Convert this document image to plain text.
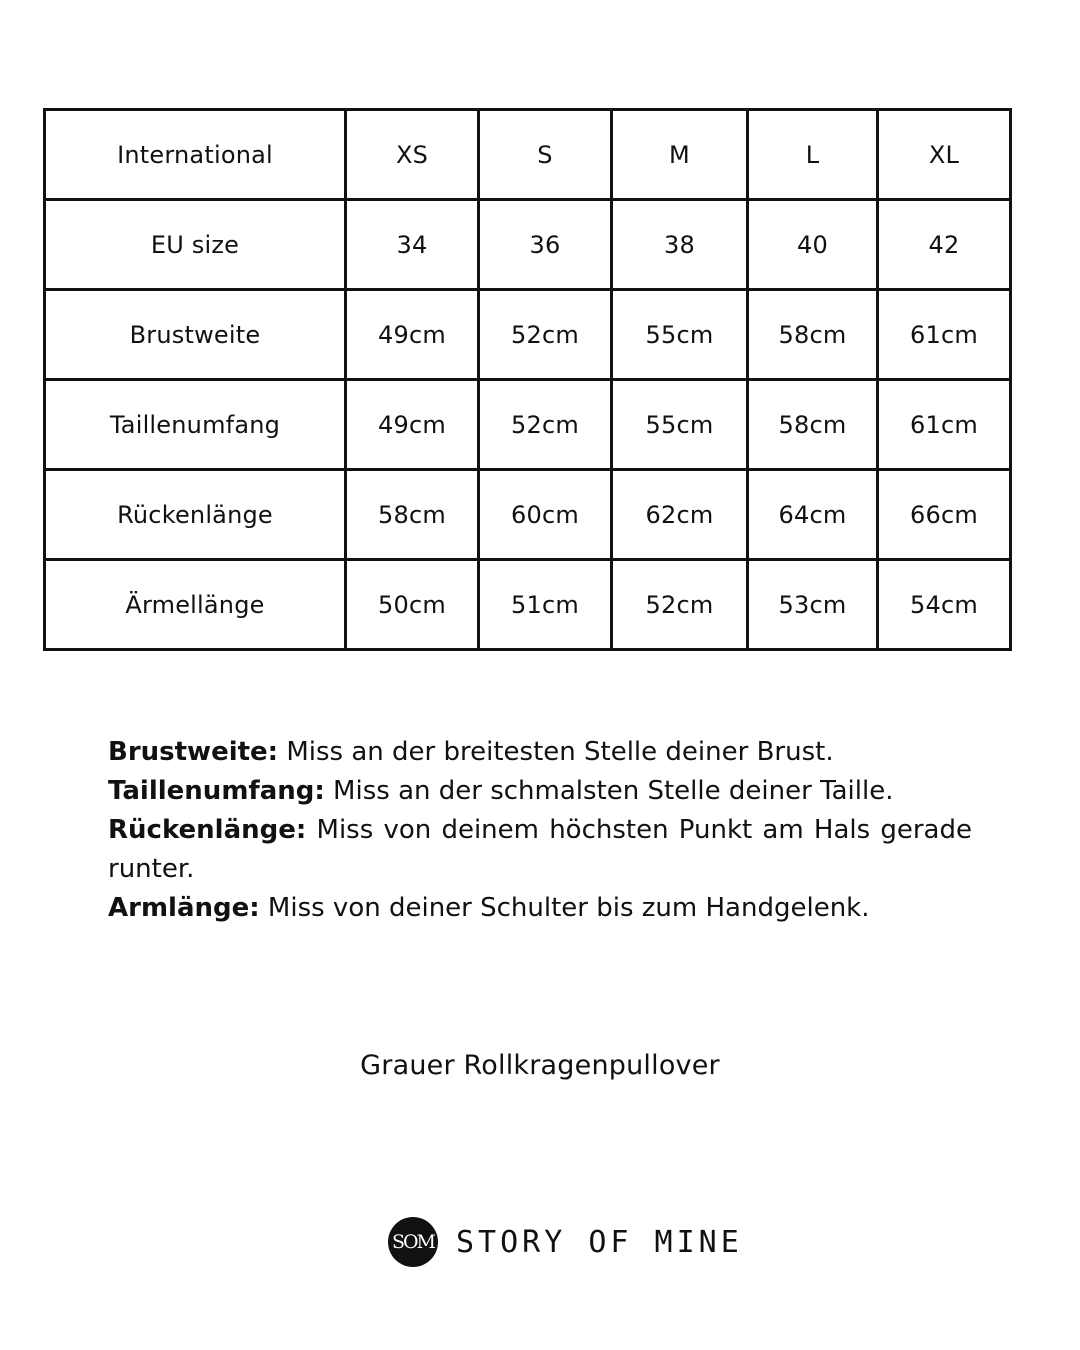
International	XS	S	M	L	XL
EU size	34	36	38	40	42
Brustweite	49cm	52cm	55cm	58cm	61cm
Taillenumfang	49cm	52cm	55cm	58cm	61cm
Rückenlänge	58cm	60cm	62cm	64cm	66cm
Ärmellänge	50cm	51cm	52cm	53cm	54cm

Brustweite: Miss an der breitesten Stelle deiner Brust.

Taillenumfang: Miss an der schmalsten Stelle deiner Taille.

Rückenlänge: Miss von deinem höchsten Punkt am Hals gerade runter.

Armlänge: Miss von deiner Schulter bis zum Handgelenk.

Grauer Rollkragenpullover
SOM STORY OF MINE
